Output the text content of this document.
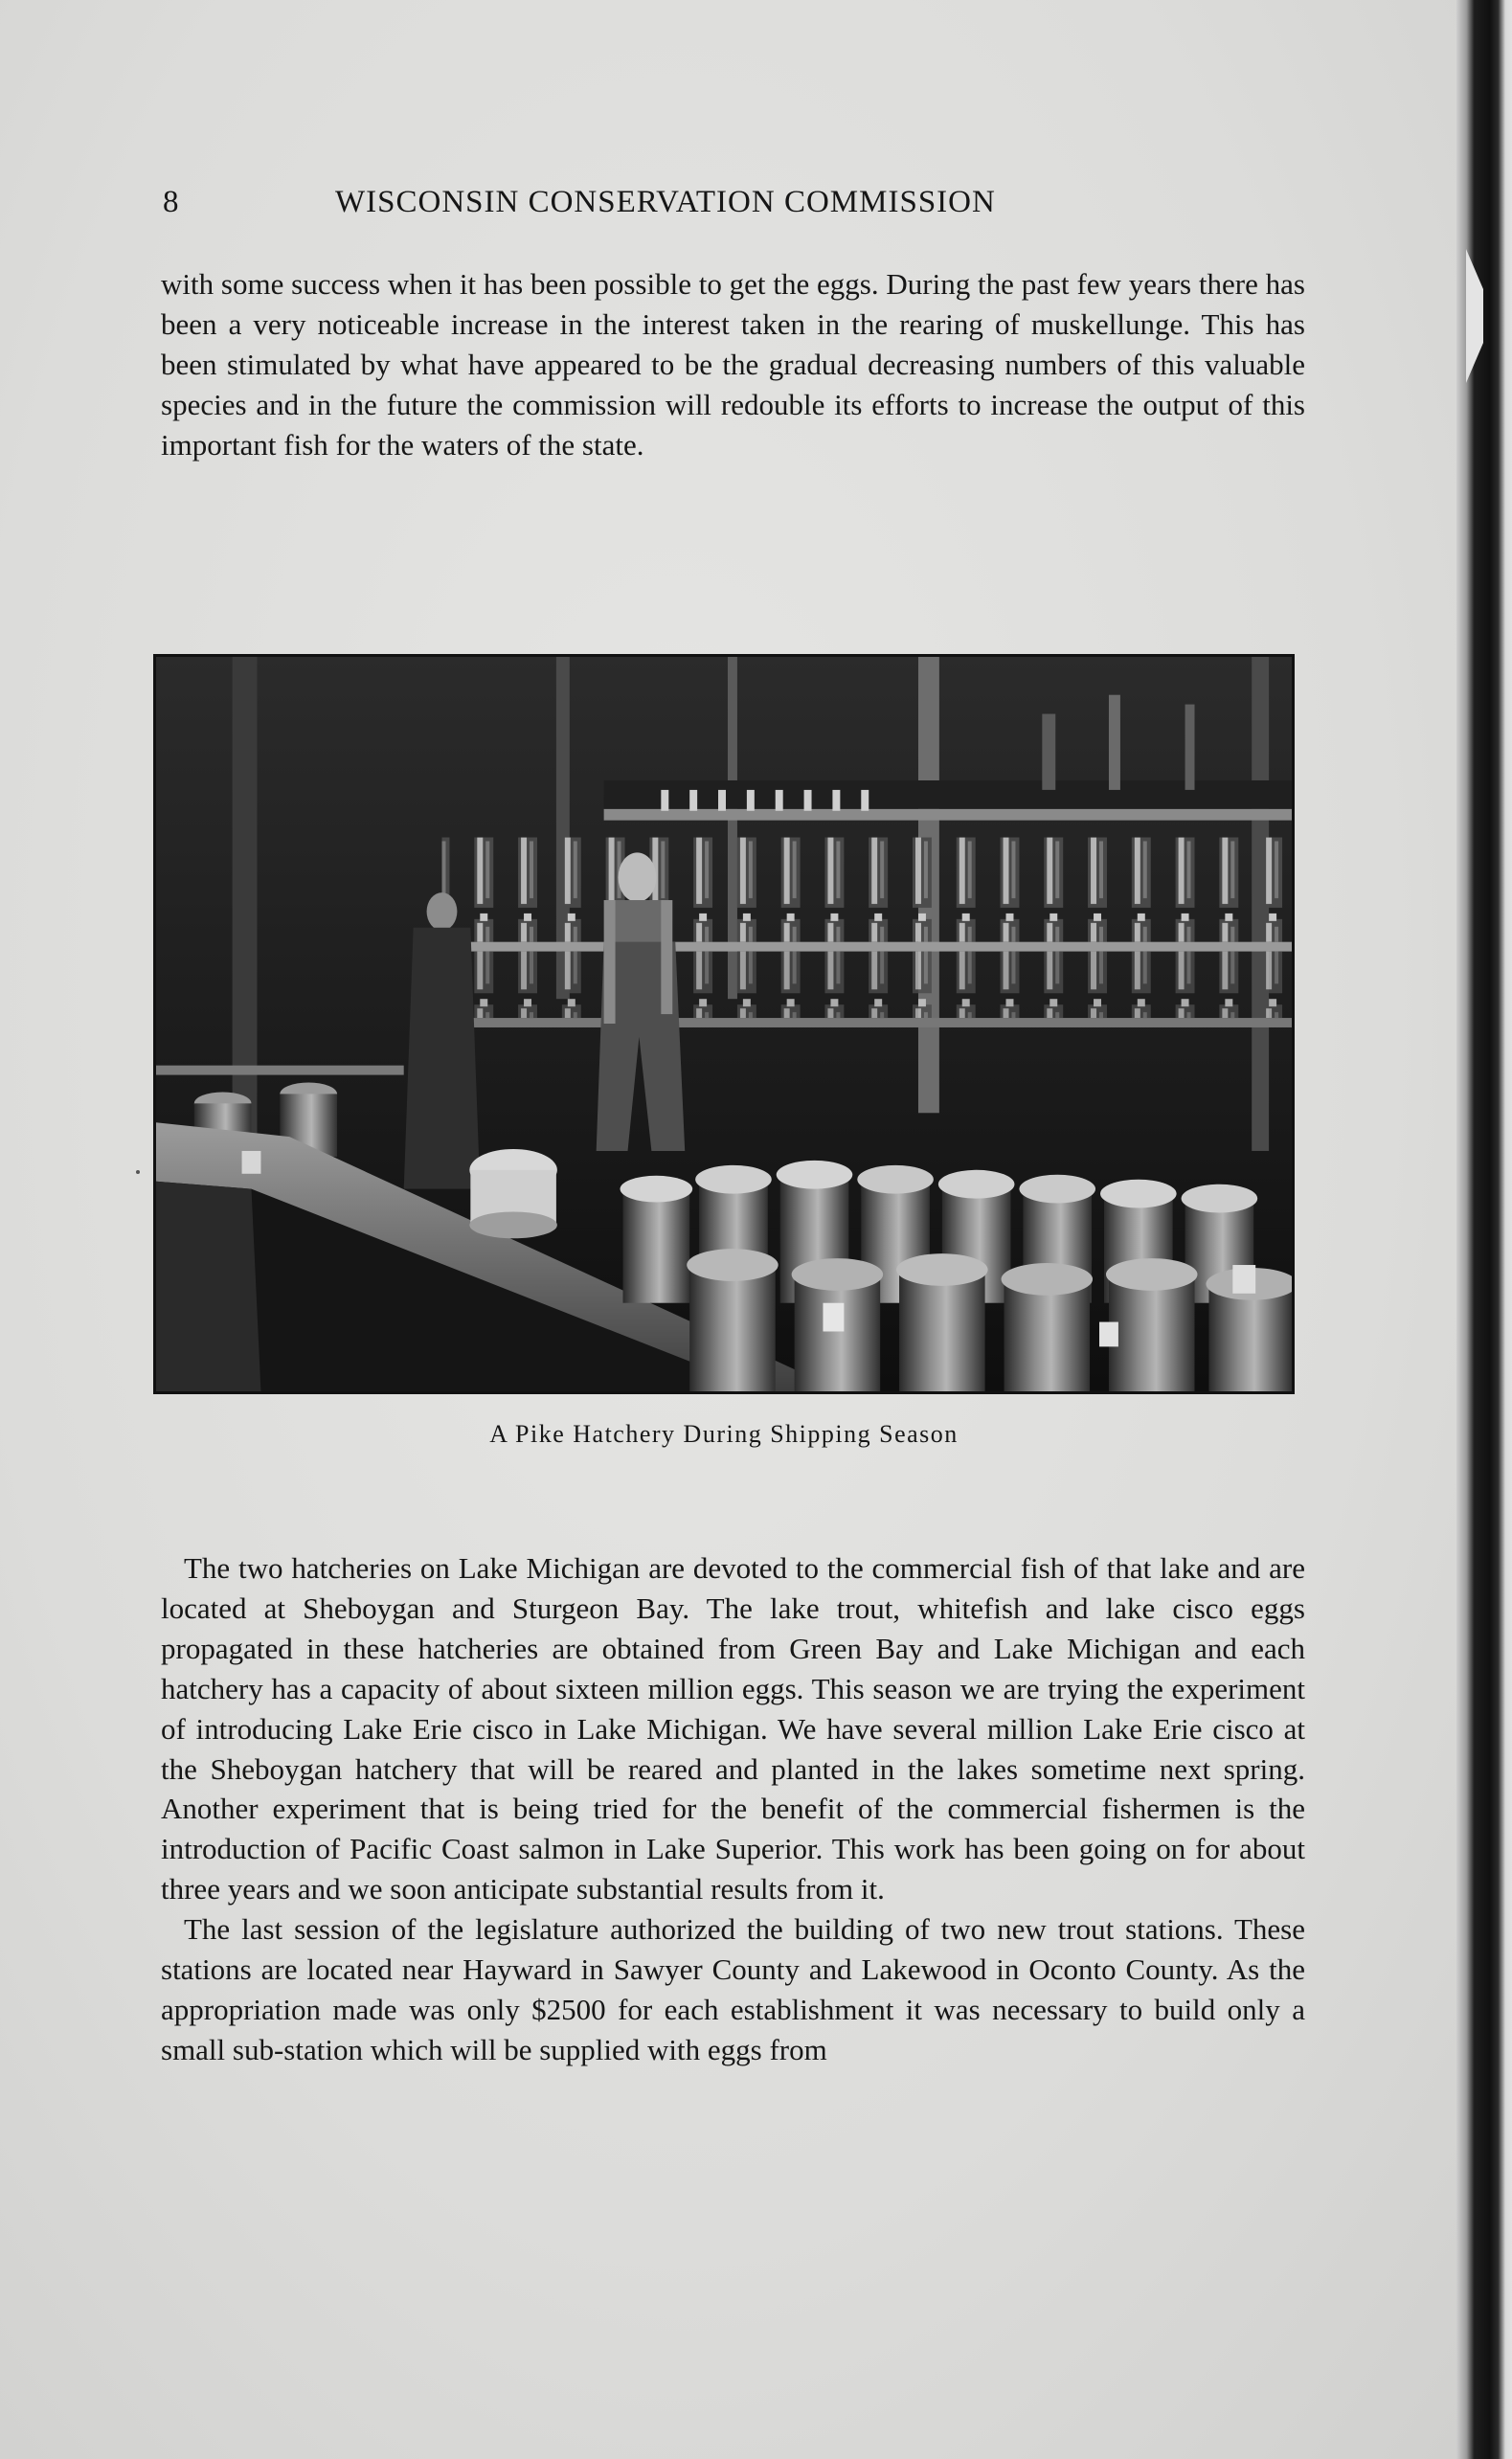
8	WISCONSIN CONSERVATION COMMISSION

with some success when it has been possible to get the eggs. During the past few years there has been a very noticeable increase in the interest taken in the rearing of muskellunge. This has been stimulated by what have appeared to be the gradual decreasing numbers of this valuable species and in the future the commission will redouble its efforts to increase the output of this important fish for the waters of the state.

A Pike Hatchery During Shipping Season

The two hatcheries on Lake Michigan are devoted to the commercial fish of that lake and are located at Sheboygan and Sturgeon Bay. The lake trout, whitefish and lake cisco eggs propagated in these hatcheries are obtained from Green Bay and Lake Michigan and each hatchery has a capacity of about sixteen million eggs. This season we are trying the experiment of introducing Lake Erie cisco in Lake Michigan. We have several million Lake Erie cisco at the Sheboygan hatchery that will be reared and planted in the lakes sometime next spring. Another experiment that is being tried for the benefit of the commercial fishermen is the introduction of Pacific Coast salmon in Lake Superior. This work has been going on for about three years and we soon anticipate substantial results from it.

The last session of the legislature authorized the building of two new trout stations. These stations are located near Hayward in Sawyer County and Lakewood in Oconto County. As the appropriation made was only $2500 for each establishment it was necessary to build only a small sub-station which will be supplied with eggs from
